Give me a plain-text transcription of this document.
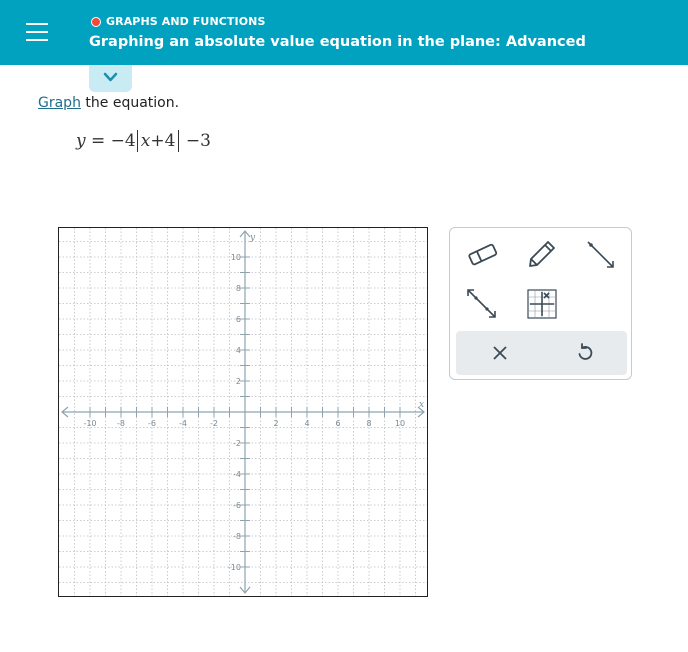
GRAPHS AND FUNCTIONS
Graphing an absolute value equation in the plane: Advanced
Graph the equation.
y = −4 x+4 −3
-10	-8	-6	-4	-2	2	4	6	8	10
10
8
6
4
2
-2
-4
-6
-8
-10
x
y
